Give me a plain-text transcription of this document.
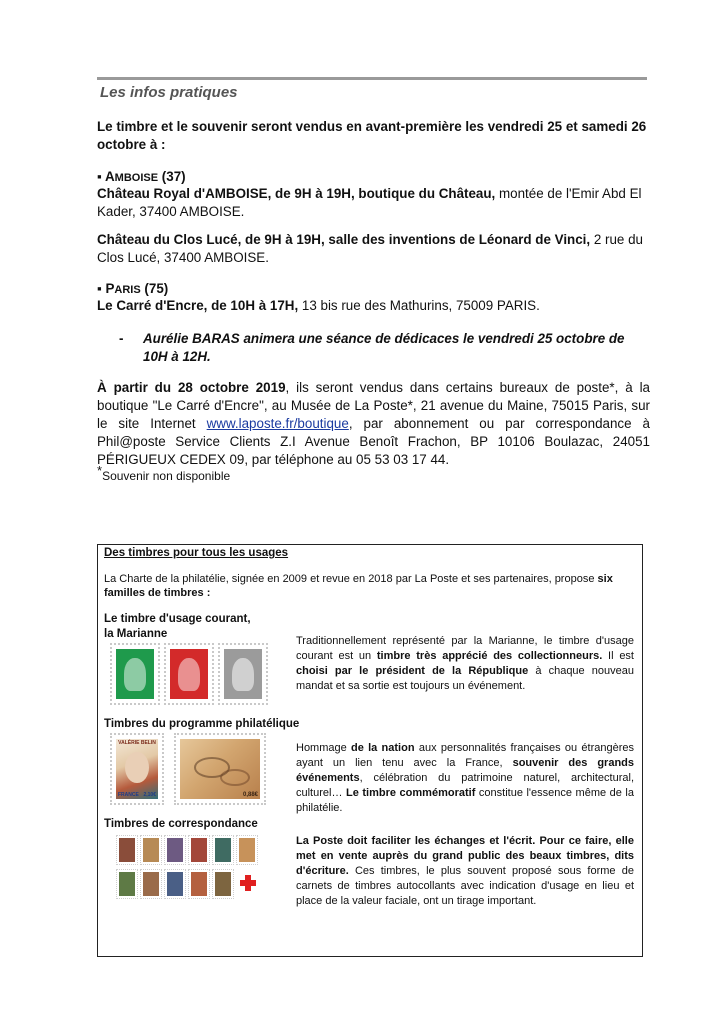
Les infos pratiques
Le timbre et le souvenir seront vendus en avant-première les vendredi 25 et samedi 26 octobre à :
▪ AMBOISE (37)
Château Royal d'AMBOISE, de 9H à 19H, boutique du Château, montée de l'Emir Abd El Kader, 37400 AMBOISE.
Château du Clos Lucé, de 9H à 19H, salle des inventions de Léonard de Vinci, 2 rue du Clos Lucé, 37400 AMBOISE.
▪ PARIS (75)
Le Carré d'Encre, de 10H à 17H, 13 bis rue des Mathurins, 75009 PARIS.
-	Aurélie BARAS animera une séance de dédicaces le vendredi 25 octobre de 10H à 12H.
À partir du 28 octobre 2019, ils seront vendus dans certains bureaux de poste*, à la boutique "Le Carré d'Encre", au Musée de La Poste*, 21 avenue du Maine, 75015 Paris, sur le site Internet www.laposte.fr/boutique, par abonnement ou par correspondance à Phil@poste Service Clients Z.I Avenue Benoît Frachon, BP 10106 Boulazac, 24051 PÉRIGUEUX CEDEX 09, par téléphone au 05 53 03 17 44.
*Souvenir non disponible
Des timbres pour tous les usages
La Charte de la philatélie, signée en 2009 et revue en 2018 par La Poste et ses partenaires, propose six familles de timbres :
Le timbre d'usage courant,
la Marianne
Traditionnellement représenté par la Marianne, le timbre d'usage courant est un timbre très apprécié des collectionneurs. Il est choisi par le président de la République à chaque nouveau mandat et sa sortie est toujours un événement.
Timbres du programme philatélique
VALÉRIE BELIN
FRANCE 2,10€	0,88€
Hommage de la nation aux personnalités françaises ou étrangères ayant un lien tenu avec la France, souvenir des grands événements, célébration du patrimoine naturel, architectural, culturel… Le timbre commémoratif constitue l'essence même de la philatélie.
Timbres de correspondance
La Poste doit faciliter les échanges et l'écrit. Pour ce faire, elle met en vente auprès du grand public des beaux timbres, dits d'écriture. Ces timbres, le plus souvent proposé sous forme de carnets de timbres autocollants avec indication d'usage en lieu et place de la valeur faciale, ont un tirage important.
